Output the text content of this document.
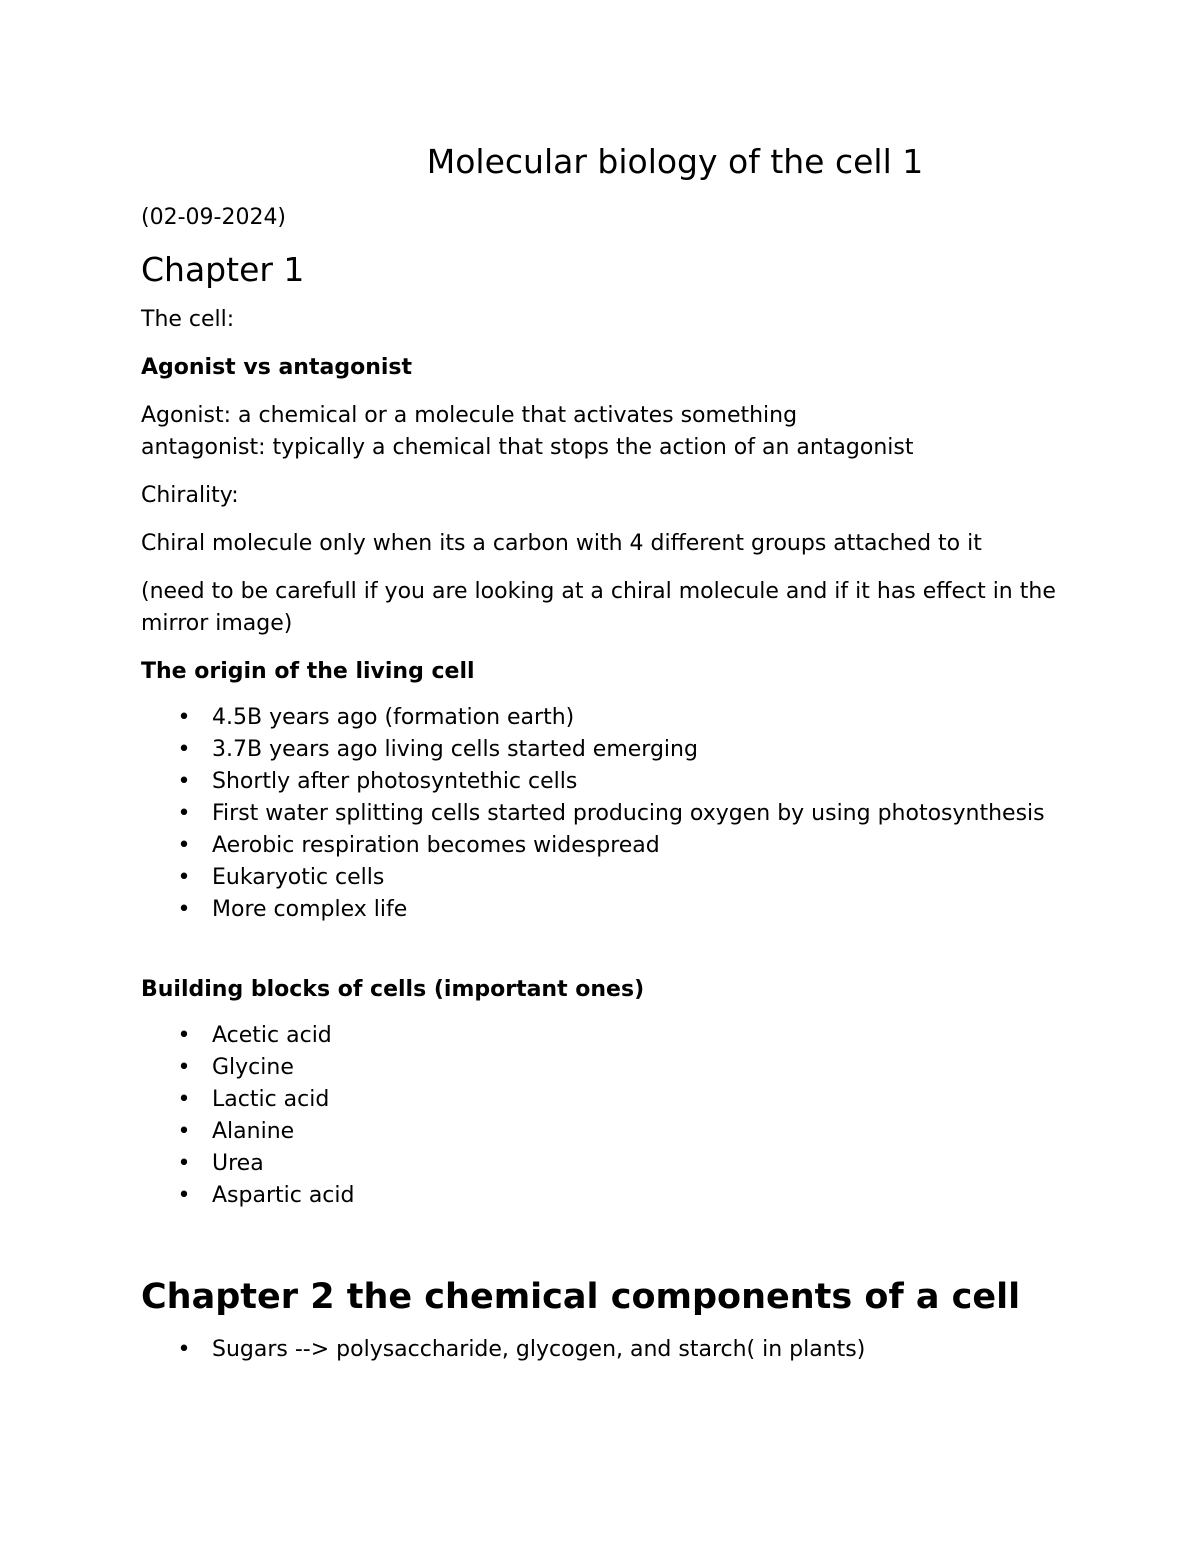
Molecular biology of the cell 1

(02-09-2024)

Chapter 1

The cell:

Agonist vs antagonist

Agonist: a chemical or a molecule that activates something

antagonist: typically a chemical that stops the action of an antagonist

Chirality:

Chiral molecule only when its a carbon with 4 different groups attached to it

(need to be carefull if you are looking at a chiral molecule and if it has effect in the mirror image)

The origin of the living cell

• 4.5B years ago (formation earth)
• 3.7B years ago living cells started emerging
• Shortly after photosyntethic cells
• First water splitting cells started producing oxygen by using photosynthesis
• Aerobic respiration becomes widespread
• Eukaryotic cells
• More complex life

Building blocks of cells (important ones)

• Acetic acid
• Glycine
• Lactic acid
• Alanine
• Urea
• Aspartic acid
Chapter 2 the chemical components of a cell
• Sugars --> polysaccharide, glycogen, and starch( in plants)
